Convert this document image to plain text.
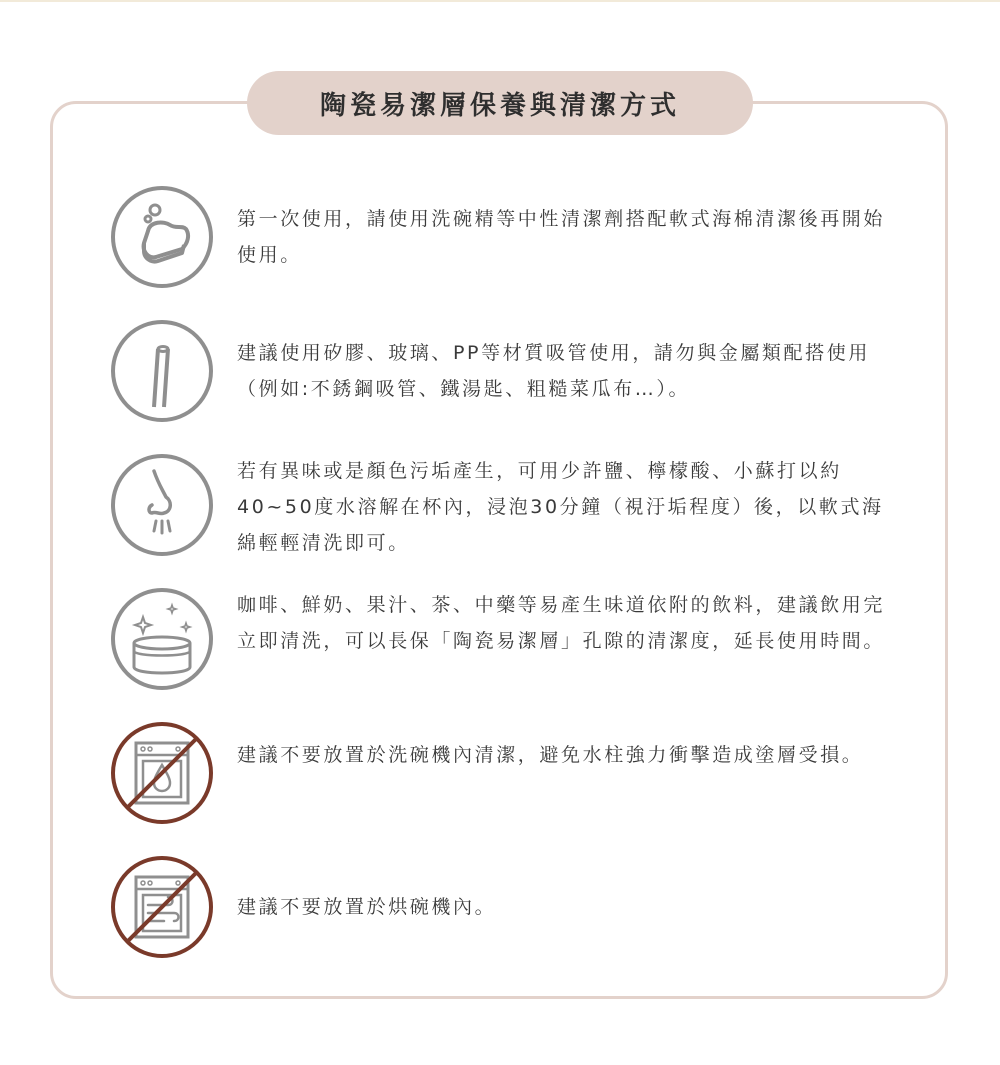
陶瓷易潔層保養與清潔方式
第一次使用，請使用洗碗精等中性清潔劑搭配軟式海棉清潔後再開始使用。
建議使用矽膠、玻璃、PP等材質吸管使用，請勿與金屬類配搭使用（例如:不銹鋼吸管、鐵湯匙、粗糙菜瓜布…）。
若有異味或是顏色污垢產生，可用少許鹽、檸檬酸、小蘇打以約40~50度水溶解在杯內，浸泡30分鐘（視汙垢程度）後，以軟式海綿輕輕清洗即可。
咖啡、鮮奶、果汁、茶、中藥等易產生味道依附的飲料，建議飲用完立即清洗，可以長保「陶瓷易潔層」孔隙的清潔度，延長使用時間。
建議不要放置於洗碗機內清潔，避免水柱強力衝擊造成塗層受損。
建議不要放置於烘碗機內。
